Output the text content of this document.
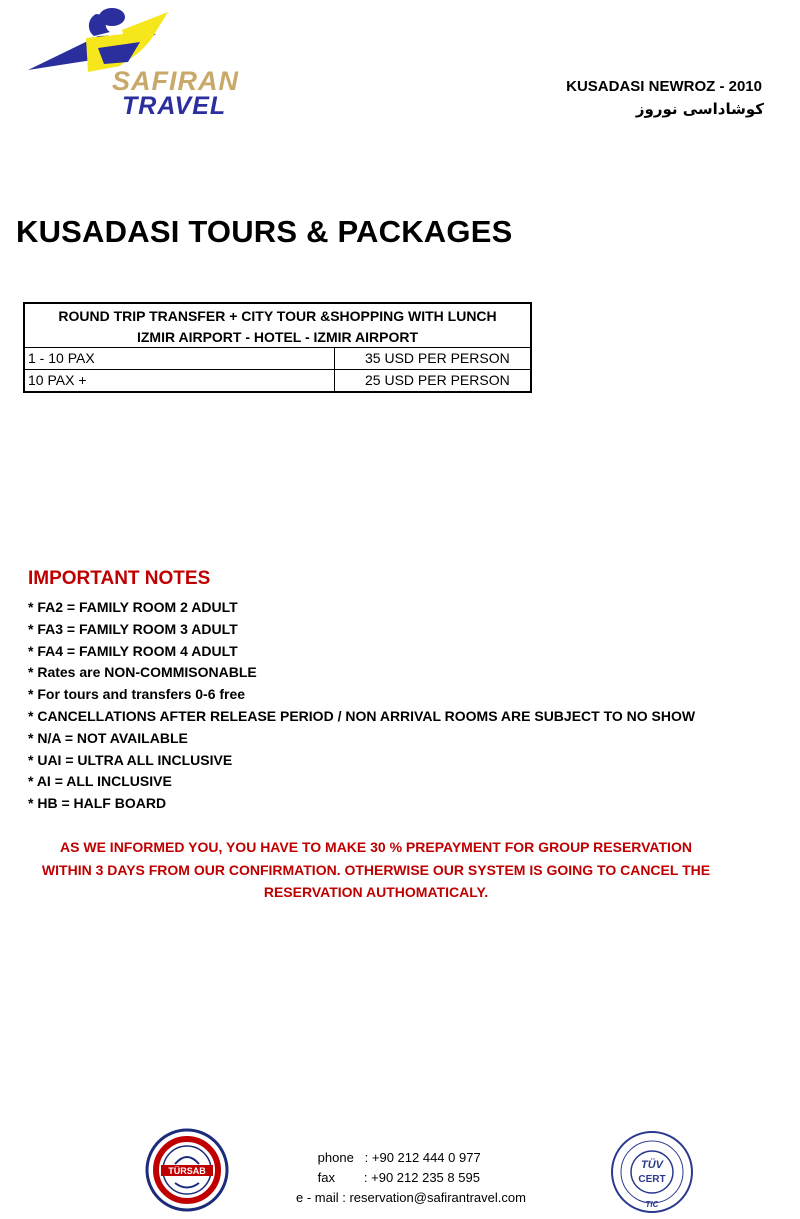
SAFIRAN
TRAVEL
KUSADASI NEWROZ - 2010
کوشاداسی نوروز
KUSADASI TOURS & PACKAGES
ROUND TRIP TRANSFER + CITY TOUR &SHOPPING WITH LUNCH
IZMIR AIRPORT - HOTEL - IZMIR AIRPORT
1 - 10 PAX	35 USD PER PERSON
10 PAX +	25 USD PER PERSON
IMPORTANT NOTES
* FA2 = FAMILY ROOM 2 ADULT
* FA3 = FAMILY ROOM 3 ADULT
* FA4 = FAMILY ROOM 4 ADULT
* Rates are NON-COMMISONABLE
* For tours and transfers 0-6 free
* CANCELLATIONS AFTER RELEASE PERIOD / NON ARRIVAL ROOMS ARE SUBJECT TO NO SHOW
* N/A = NOT AVAILABLE
* UAI = ULTRA ALL INCLUSIVE
* AI = ALL INCLUSIVE
* HB = HALF BOARD
AS WE INFORMED YOU, YOU HAVE TO MAKE 30 % PREPAYMENT FOR GROUP RESERVATION
WITHIN 3 DAYS FROM OUR CONFIRMATION. OTHERWISE OUR SYSTEM IS GOING TO CANCEL THE
RESERVATION AUTHOMATICALY.
TÜRSAB
phone   : +90 212 444 0 977
fax        : +90 212 235 8 595
e - mail : reservation@safirantravel.com
TÜV
CERT
TIC
